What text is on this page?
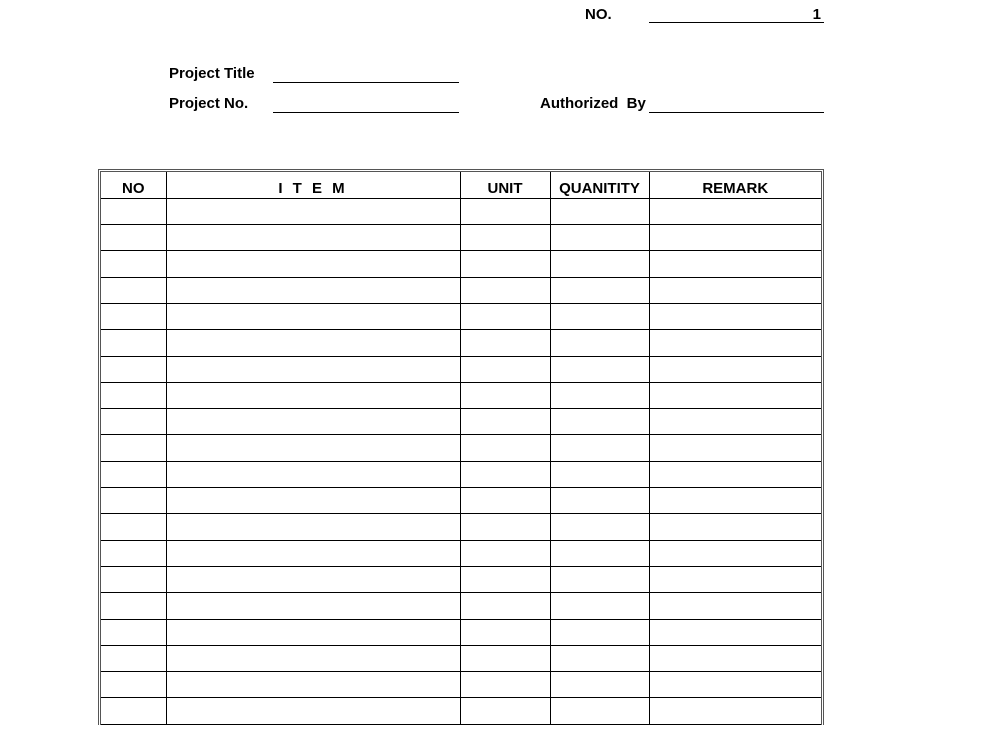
NO.	1
Project Title
Project No.	Authorized  By
NO	I T E M	UNIT	QUANITITY	REMARK
